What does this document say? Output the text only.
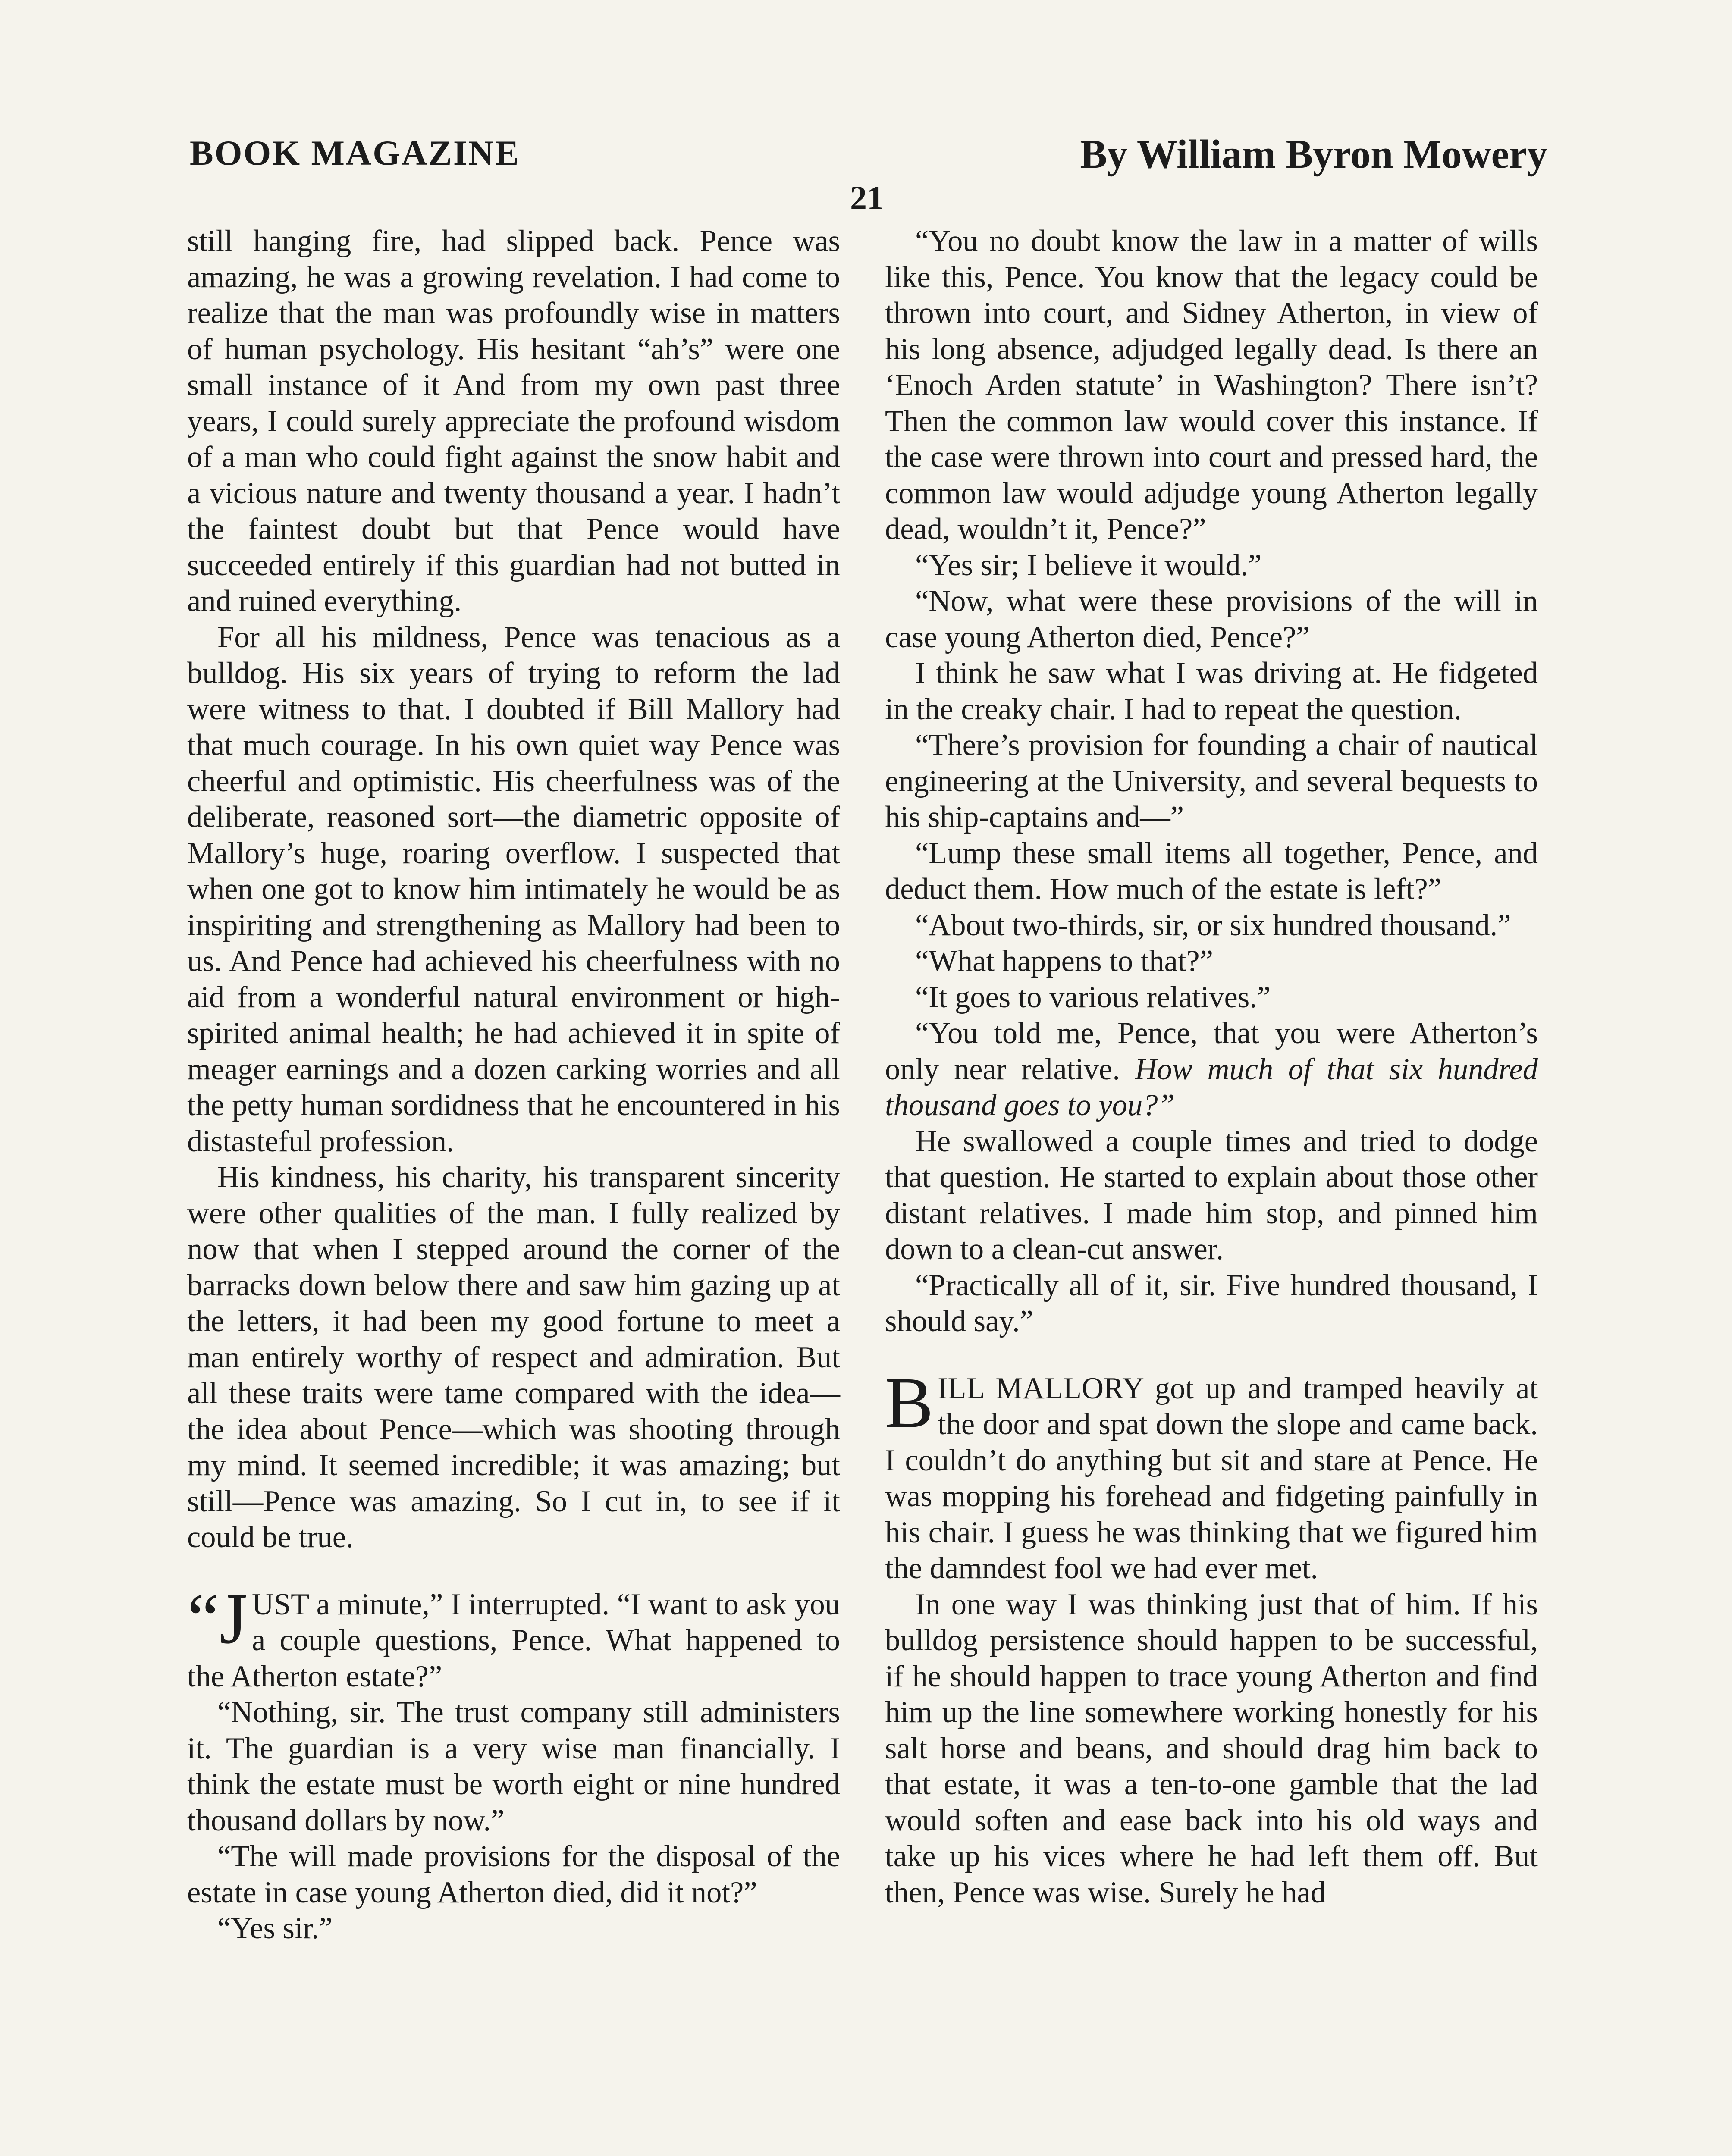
BOOK MAGAZINE	By William Byron Mowery
21

still hanging fire, had slipped back. Pence was amazing, he was a growing revelation. I had come to realize that the man was profoundly wise in matters of human psychology. His hesitant “ah’s” were one small instance of it And from my own past three years, I could surely appreciate the profound wisdom of a man who could fight against the snow habit and a vicious nature and twenty thousand a year. I hadn’t the faintest doubt but that Pence would have succeeded entirely if this guardian had not butted in and ruined everything.

For all his mildness, Pence was tenacious as a bulldog. His six years of trying to reform the lad were witness to that. I doubted if Bill Mallory had that much courage. In his own quiet way Pence was cheerful and optimistic. His cheerfulness was of the deliberate, reasoned sort—the diametric opposite of Mallory’s huge, roaring overflow. I suspected that when one got to know him intimately he would be as inspiriting and strengthening as Mallory had been to us. And Pence had achieved his cheerfulness with no aid from a wonderful natural environment or high-spirited animal health; he had achieved it in spite of meager earnings and a dozen carking worries and all the petty human sordidness that he encountered in his distasteful profession.

His kindness, his charity, his transparent sincerity were other qualities of the man. I fully realized by now that when I stepped around the corner of the barracks down below there and saw him gazing up at the letters, it had been my good fortune to meet a man entirely worthy of respect and admiration. But all these traits were tame compared with the idea—the idea about Pence—which was shooting through my mind. It seemed incredible; it was amazing; but still—Pence was amazing. So I cut in, to see if it could be true.

“JUST a minute,” I interrupted. “I want to ask you a couple questions, Pence. What happened to the Atherton estate?”

“Nothing, sir. The trust company still administers it. The guardian is a very wise man financially. I think the estate must be worth eight or nine hundred thousand dollars by now.”

“The will made provisions for the disposal of the estate in case young Atherton died, did it not?”

“Yes sir.”

“You no doubt know the law in a matter of wills like this, Pence. You know that the legacy could be thrown into court, and Sidney Atherton, in view of his long absence, adjudged legally dead. Is there an ‘Enoch Arden statute’ in Washington? There isn’t? Then the common law would cover this instance. If the case were thrown into court and pressed hard, the common law would adjudge young Atherton legally dead, wouldn’t it, Pence?”

“Yes sir; I believe it would.”

“Now, what were these provisions of the will in case young Atherton died, Pence?”

I think he saw what I was driving at. He fidgeted in the creaky chair. I had to repeat the question.

“There’s provision for founding a chair of nautical engineering at the University, and several bequests to his ship-captains and—”

“Lump these small items all together, Pence, and deduct them. How much of the estate is left?”

“About two-thirds, sir, or six hundred thousand.”

“What happens to that?”

“It goes to various relatives.”

“You told me, Pence, that you were Atherton’s only near relative. How much of that six hundred thousand goes to you?”

He swallowed a couple times and tried to dodge that question. He started to explain about those other distant relatives. I made him stop, and pinned him down to a clean-cut answer.

“Practically all of it, sir. Five hundred thousand, I should say.”

BILL MALLORY got up and tramped heavily at the door and spat down the slope and came back. I couldn’t do anything but sit and stare at Pence. He was mopping his forehead and fidgeting painfully in his chair. I guess he was thinking that we figured him the damndest fool we had ever met.

In one way I was thinking just that of him. If his bulldog persistence should happen to be successful, if he should happen to trace young Atherton and find him up the line somewhere working honestly for his salt horse and beans, and should drag him back to that estate, it was a ten-to-one gamble that the lad would soften and ease back into his old ways and take up his vices where he had left them off. But then, Pence was wise. Surely he had
